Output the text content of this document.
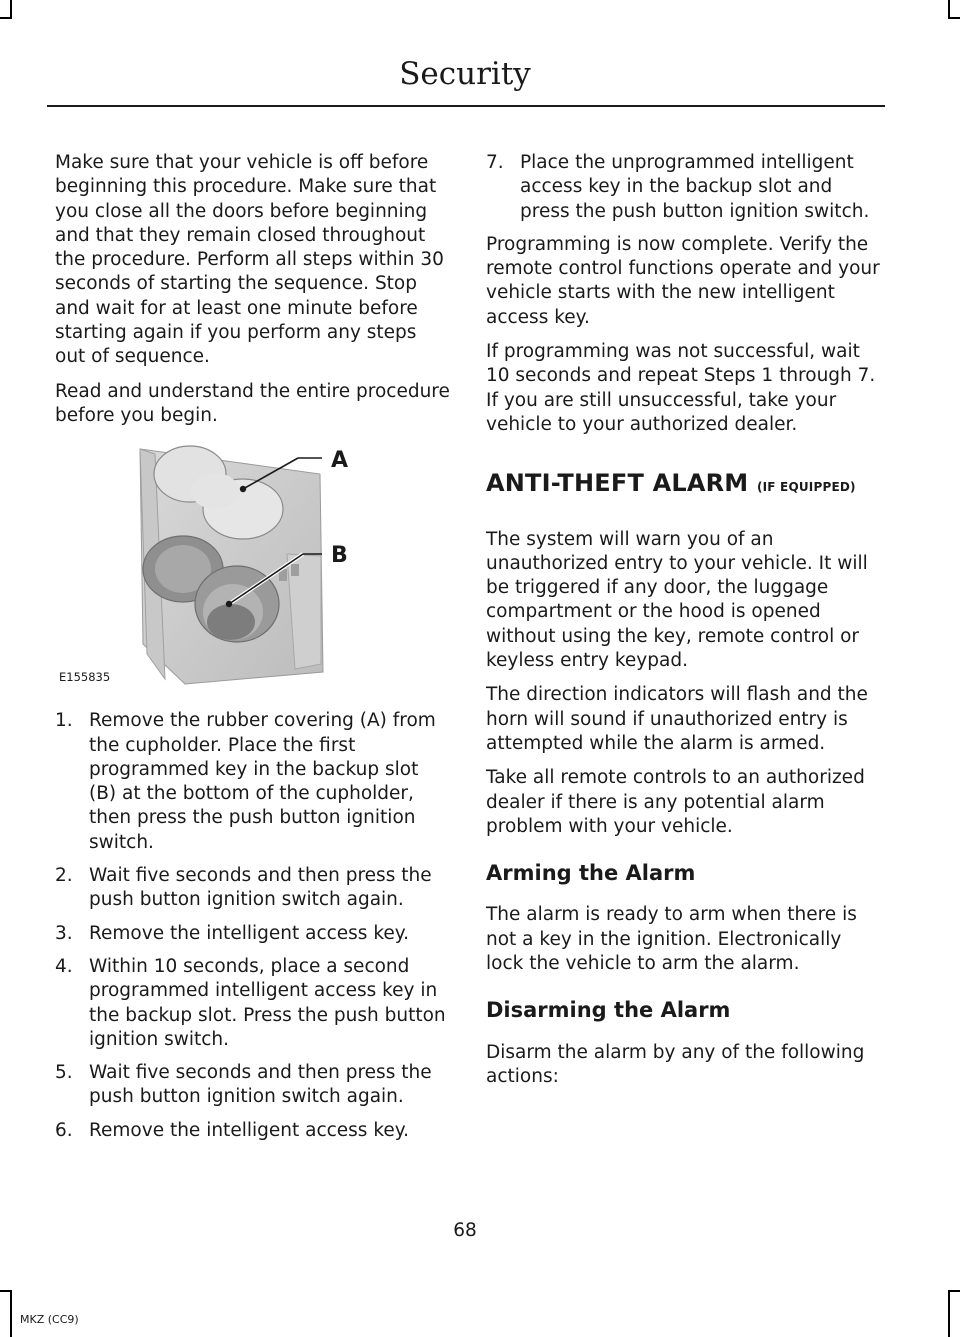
Security

Make sure that your vehicle is off before beginning this procedure. Make sure that you close all the doors before beginning and that they remain closed throughout the procedure. Perform all steps within 30 seconds of starting the sequence. Stop and wait for at least one minute before starting again if you perform any steps out of sequence.

Read and understand the entire procedure before you begin.

A
B
E155835
1. Remove the rubber covering (A) from the cupholder. Place the first programmed key in the backup slot (B) at the bottom of the cupholder, then press the push button ignition switch.
2. Wait five seconds and then press the push button ignition switch again.
3. Remove the intelligent access key.
4. Within 10 seconds, place a second programmed intelligent access key in the backup slot. Press the push button ignition switch.
5. Wait five seconds and then press the push button ignition switch again.
6. Remove the intelligent access key.
7. Place the unprogrammed intelligent access key in the backup slot and press the push button ignition switch.

Programming is now complete. Verify the remote control functions operate and your vehicle starts with the new intelligent access key.

If programming was not successful, wait 10 seconds and repeat Steps 1 through 7. If you are still unsuccessful, take your vehicle to your authorized dealer.

ANTI-THEFT ALARM (IF EQUIPPED)

The system will warn you of an unauthorized entry to your vehicle. It will be triggered if any door, the luggage compartment or the hood is opened without using the key, remote control or keyless entry keypad.

The direction indicators will flash and the horn will sound if unauthorized entry is attempted while the alarm is armed.

Take all remote controls to an authorized dealer if there is any potential alarm problem with your vehicle.

Arming the Alarm

The alarm is ready to arm when there is not a key in the ignition. Electronically lock the vehicle to arm the alarm.

Disarming the Alarm

Disarm the alarm by any of the following actions:

68
MKZ (CC9)
